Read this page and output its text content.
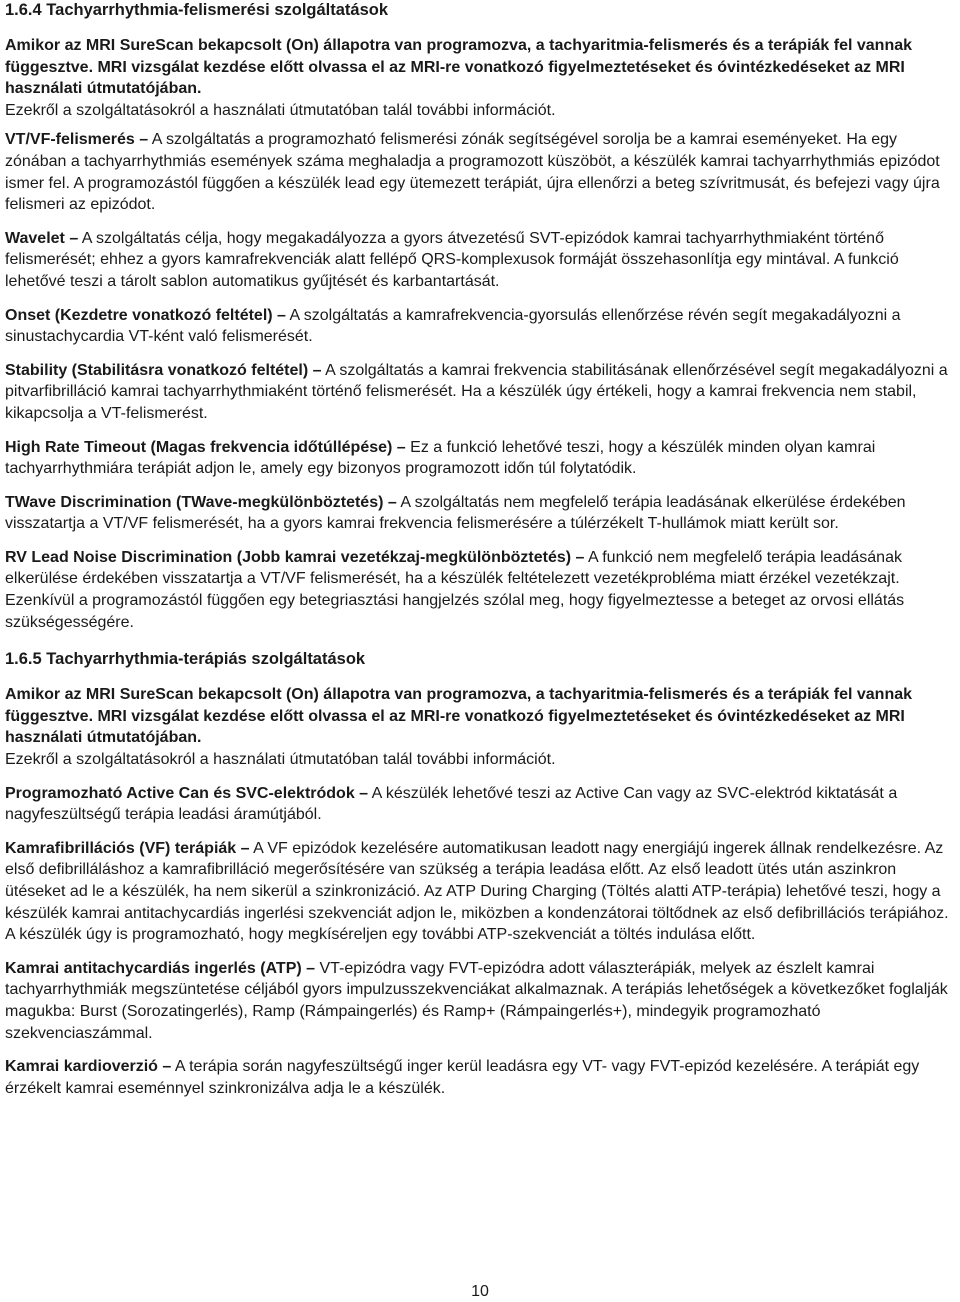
1.6.4 Tachyarrhythmia-felismerési szolgáltatások

Amikor az MRI SureScan bekapcsolt (On) állapotra van programozva, a tachyaritmia-felismerés és a terápiák fel vannak függesztve. MRI vizsgálat kezdése előtt olvassa el az MRI-re vonatkozó figyelmeztetéseket és óvintézkedéseket az MRI használati útmutatójában.

Ezekről a szolgáltatásokról a használati útmutatóban talál további információt.

VT/VF-felismerés – A szolgáltatás a programozható felismerési zónák segítségével sorolja be a kamrai eseményeket. Ha egy zónában a tachyarrhythmiás események száma meghaladja a programozott küszöböt, a készülék kamrai tachyarrhythmiás epizódot ismer fel. A programozástól függően a készülék lead egy ütemezett terápiát, újra ellenőrzi a beteg szívritmusát, és befejezi vagy újra felismeri az epizódot.

Wavelet – A szolgáltatás célja, hogy megakadályozza a gyors átvezetésű SVT-epizódok kamrai tachyarrhythmiaként történő felismerését; ehhez a gyors kamrafrekvenciák alatt fellépő QRS-komplexusok formáját összehasonlítja egy mintával. A funkció lehetővé teszi a tárolt sablon automatikus gyűjtését és karbantartását.

Onset (Kezdetre vonatkozó feltétel) – A szolgáltatás a kamrafrekvencia-gyorsulás ellenőrzése révén segít megakadályozni a sinustachycardia VT-ként való felismerését.

Stability (Stabilitásra vonatkozó feltétel) – A szolgáltatás a kamrai frekvencia stabilitásának ellenőrzésével segít megakadályozni a pitvarfibrilláció kamrai tachyarrhythmiaként történő felismerését. Ha a készülék úgy értékeli, hogy a kamrai frekvencia nem stabil, kikapcsolja a VT-felismerést.

High Rate Timeout (Magas frekvencia időtúllépése) – Ez a funkció lehetővé teszi, hogy a készülék minden olyan kamrai tachyarrhythmiára terápiát adjon le, amely egy bizonyos programozott időn túl folytatódik.

TWave Discrimination (TWave-megkülönböztetés) – A szolgáltatás nem megfelelő terápia leadásának elkerülése érdekében visszatartja a VT/VF felismerését, ha a gyors kamrai frekvencia felismerésére a túlérzékelt T-hullámok miatt került sor.

RV Lead Noise Discrimination (Jobb kamrai vezetékzaj-megkülönböztetés) – A funkció nem megfelelő terápia leadásának elkerülése érdekében visszatartja a VT/VF felismerését, ha a készülék feltételezett vezetékprobléma miatt érzékel vezetékzajt. Ezenkívül a programozástól függően egy betegriasztási hangjelzés szólal meg, hogy figyelmeztesse a beteget az orvosi ellátás szükségességére.

1.6.5 Tachyarrhythmia-terápiás szolgáltatások

Amikor az MRI SureScan bekapcsolt (On) állapotra van programozva, a tachyaritmia-felismerés és a terápiák fel vannak függesztve. MRI vizsgálat kezdése előtt olvassa el az MRI-re vonatkozó figyelmeztetéseket és óvintézkedéseket az MRI használati útmutatójában.

Ezekről a szolgáltatásokról a használati útmutatóban talál további információt.

Programozható Active Can és SVC-elektródok – A készülék lehetővé teszi az Active Can vagy az SVC-elektród kiktatását a nagyfeszültségű terápia leadási áramútjából.

Kamrafibrillációs (VF) terápiák – A VF epizódok kezelésére automatikusan leadott nagy energiájú ingerek állnak rendelkezésre. Az első defibrilláláshoz a kamrafibrilláció megerősítésére van szükség a terápia leadása előtt. Az első leadott ütés után aszinkron ütéseket ad le a készülék, ha nem sikerül a szinkronizáció. Az ATP During Charging (Töltés alatti ATP-terápia) lehetővé teszi, hogy a készülék kamrai antitachycardiás ingerlési szekvenciát adjon le, miközben a kondenzátorai töltődnek az első defibrillációs terápiához. A készülék úgy is programozható, hogy megkíséreljen egy további ATP-szekvenciát a töltés indulása előtt.

Kamrai antitachycardiás ingerlés (ATP) – VT-epizódra vagy FVT-epizódra adott választerápiák, melyek az észlelt kamrai tachyarrhythmiák megszüntetése céljából gyors impulzusszekvenciákat alkalmaznak. A terápiás lehetőségek a következőket foglalják magukba: Burst (Sorozatingerlés), Ramp (Rámpaingerlés) és Ramp+ (Rámpaingerlés+), mindegyik programozható szekvenciaszámmal.

Kamrai kardioverzió – A terápia során nagyfeszültségű inger kerül leadásra egy VT- vagy FVT-epizód kezelésére. A terápiát egy érzékelt kamrai eseménnyel szinkronizálva adja le a készülék.

10
